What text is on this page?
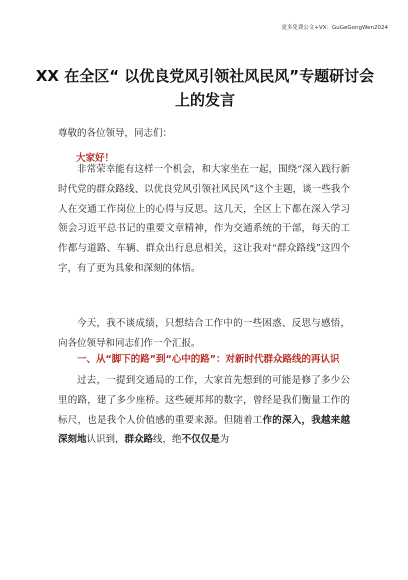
更多免费公文+VX：GuGeGongWen2024
XX 在全区“ 以优良党风引领社风民风”专题研讨会上的发言
尊敬的各位领导，同志们：
大家好！

非常荣幸能有这样一个机会，和大家坐在一起，围绕“深入践行新时代党的群众路线、以优良党风引领社风民风”这个主题，谈一些我个人在交通工作岗位上的心得与反思。这几天，全区上下都在深入学习领会习近平总书记的重要文章精神，作为交通系统的干部，每天的工作都与道路、车辆、群众出行息息相关，这让我对“群众路线”这四个字，有了更为具象和深刻的体悟。

今天，我不谈成绩，只想结合工作中的一些困惑、反思与感悟，向各位领导和同志们作一个汇报。

一、从“脚下的路”到“心中的路”：对新时代群众路线的再认识

过去，一提到交通局的工作，大家首先想到的可能是修了多少公里的路，建了多少座桥。这些硬邦邦的数字，曾经是我们衡量工作的标尺，也是我个人价值感的重要来源。但随着工作的深入，我越来越深刻地认识到，群众路线，绝不仅仅是为
